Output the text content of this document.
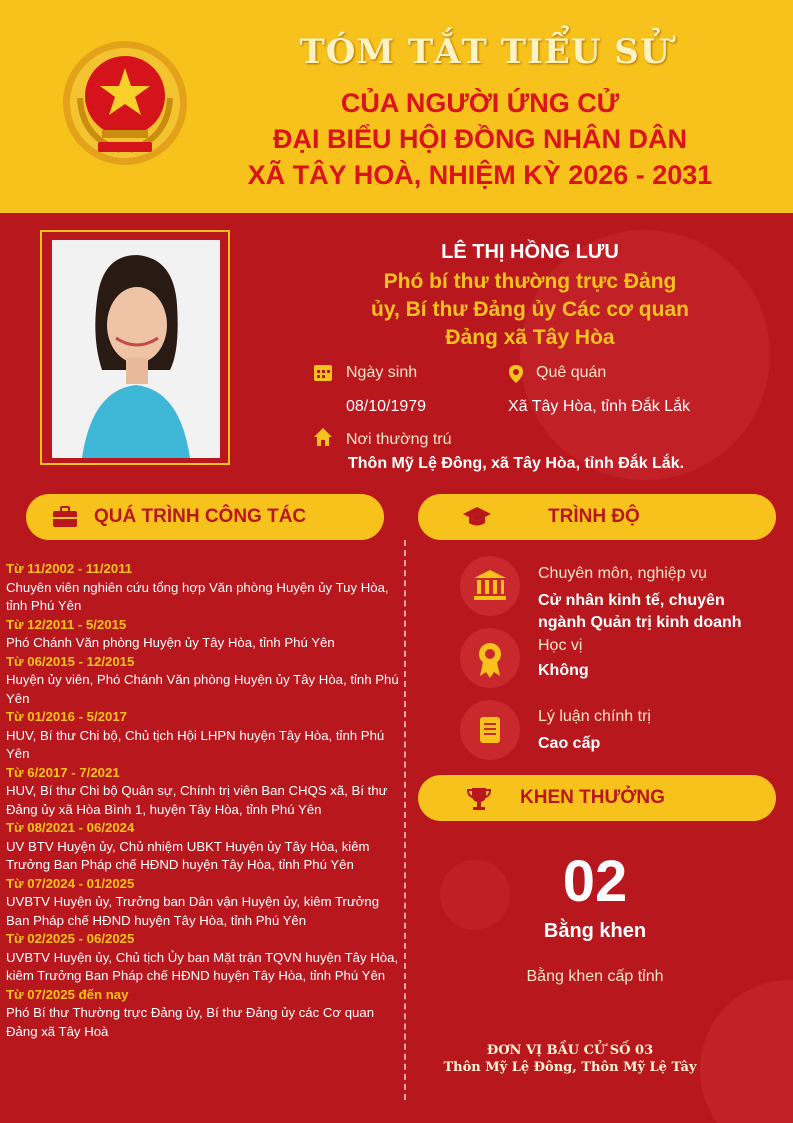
TÓM TẮT TIỂU SỬ
CỦA NGƯỜI ỨNG CỬ
ĐẠI BIỂU HỘI ĐỒNG NHÂN DÂN
XÃ TÂY HOÀ, NHIỆM KỲ 2026 - 2031
LÊ THỊ HỒNG LƯU
Phó bí thư thường trực Đảng
ủy, Bí thư Đảng ủy Các cơ quan
Đảng xã Tây Hòa
Ngày sinh
08/10/1979
Quê quán
Xã Tây Hòa, tỉnh Đắk Lắk
Nơi thường trú
Thôn Mỹ Lệ Đông, xã Tây Hòa, tỉnh Đắk Lắk.
QUÁ TRÌNH CÔNG TÁC	TRÌNH ĐỘ
Từ 11/2002 - 11/2011
Chuyên viên nghiên cứu tổng hợp Văn phòng Huyện ủy Tuy Hòa, tỉnh Phú Yên
Từ 12/2011 - 5/2015
Phó Chánh Văn phòng Huyện ủy Tây Hòa, tỉnh Phú Yên
Từ 06/2015 - 12/2015
Huyện ủy viên, Phó Chánh Văn phòng Huyện ủy Tây Hòa, tỉnh Phú Yên
Từ 01/2016 - 5/2017
HUV, Bí thư Chi bộ, Chủ tịch Hội LHPN huyện Tây Hòa, tỉnh Phú Yên
Từ 6/2017 - 7/2021
HUV, Bí thư Chi bộ Quân sự, Chính trị viên Ban CHQS xã, Bí thư Đảng ủy xã Hòa Bình 1, huyện Tây Hòa, tỉnh Phú Yên
Từ 08/2021 - 06/2024
UV BTV Huyện ủy, Chủ nhiệm UBKT Huyện ủy Tây Hòa, kiêm Trưởng Ban Pháp chế HĐND huyện Tây Hòa, tỉnh Phú Yên
Từ 07/2024 - 01/2025
UVBTV Huyện ủy, Trưởng ban Dân vận Huyện ủy, kiêm Trưởng Ban Pháp chế HĐND huyện Tây Hòa, tỉnh Phú Yên
Từ 02/2025 - 06/2025
UVBTV Huyện ủy, Chủ tịch Ủy ban Mặt trận TQVN huyện Tây Hòa, kiêm Trưởng Ban Pháp chế HĐND huyện Tây Hòa, tỉnh Phú Yên
Từ 07/2025 đến nay
Phó Bí thư Thường trực Đảng ủy, Bí thư Đảng ủy các Cơ quan Đảng xã Tây Hoà
Chuyên môn, nghiệp vụ
Cử nhân kinh tế, chuyên
ngành Quản trị kinh doanh
Học vị
Không
Lý luận chính trị
Cao cấp
KHEN THƯỞNG
02
Bằng khen
Bằng khen cấp tỉnh
ĐƠN VỊ BẦU CỬ SỐ 03
Thôn Mỹ Lệ Đông, Thôn Mỹ Lệ Tây
